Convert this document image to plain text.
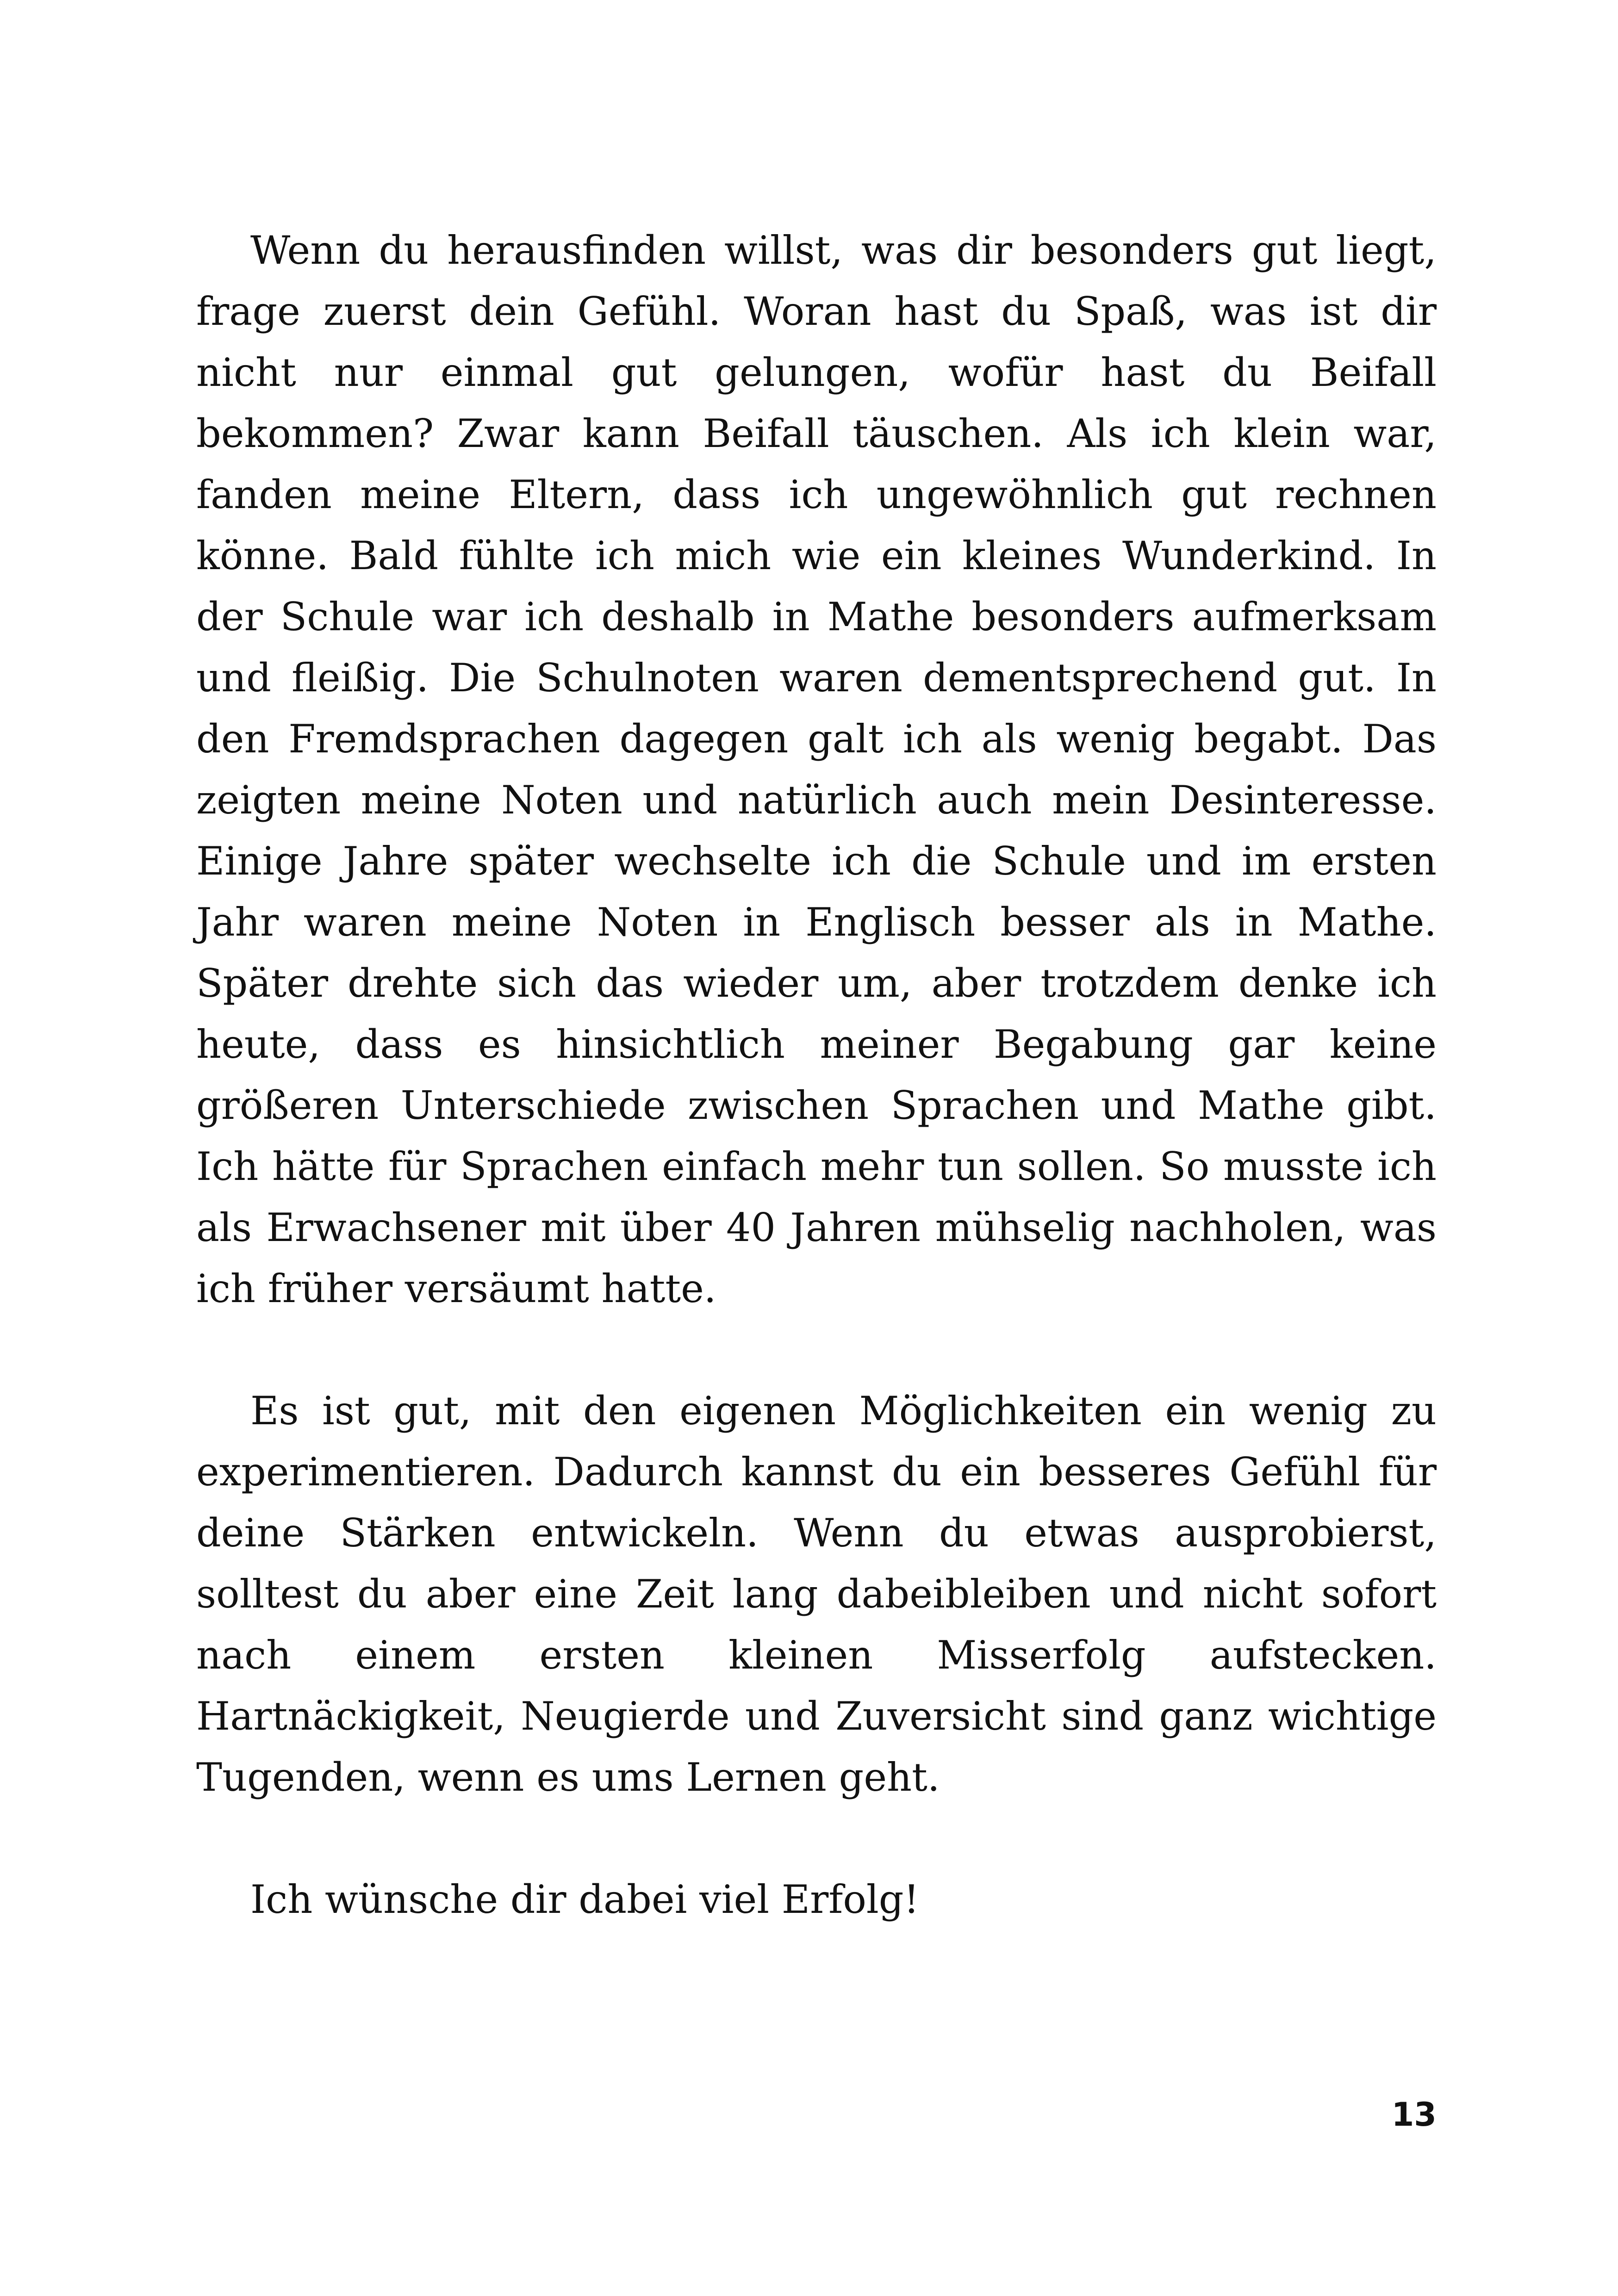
Wenn du herausfinden willst, was dir besonders gut liegt, frage zuerst dein Gefühl. Woran hast du Spaß, was ist dir nicht nur einmal gut gelungen, wofür hast du Beifall bekommen? Zwar kann Beifall täuschen. Als ich klein war, fanden meine Eltern, dass ich ungewöhnlich gut rechnen könne. Bald fühlte ich mich wie ein kleines Wunderkind. In der Schule war ich deshalb in Mathe besonders aufmerksam und fleißig. Die Schulnoten waren dementsprechend gut. In den Fremdsprachen dagegen galt ich als wenig begabt. Das zeigten meine Noten und natürlich auch mein Desinteresse. Einige Jahre später wechselte ich die Schule und im ersten Jahr waren meine Noten in Englisch besser als in Mathe. Später drehte sich das wieder um, aber trotzdem denke ich heute, dass es hinsichtlich meiner Begabung gar keine größeren Unterschiede zwischen Sprachen und Mathe gibt. Ich hätte für Sprachen einfach mehr tun sollen. So musste ich als Erwachsener mit über 40 Jahren mühselig nachholen, was ich früher versäumt hatte.

Es ist gut, mit den eigenen Möglichkeiten ein wenig zu experimentieren. Dadurch kannst du ein besseres Gefühl für deine Stärken entwickeln. Wenn du etwas ausprobierst, solltest du aber eine Zeit lang dabeibleiben und nicht sofort nach einem ersten kleinen Misserfolg aufstecken. Hartnäckigkeit, Neugierde und Zuversicht sind ganz wichtige Tugenden, wenn es ums Lernen geht.

Ich wünsche dir dabei viel Erfolg!

13
